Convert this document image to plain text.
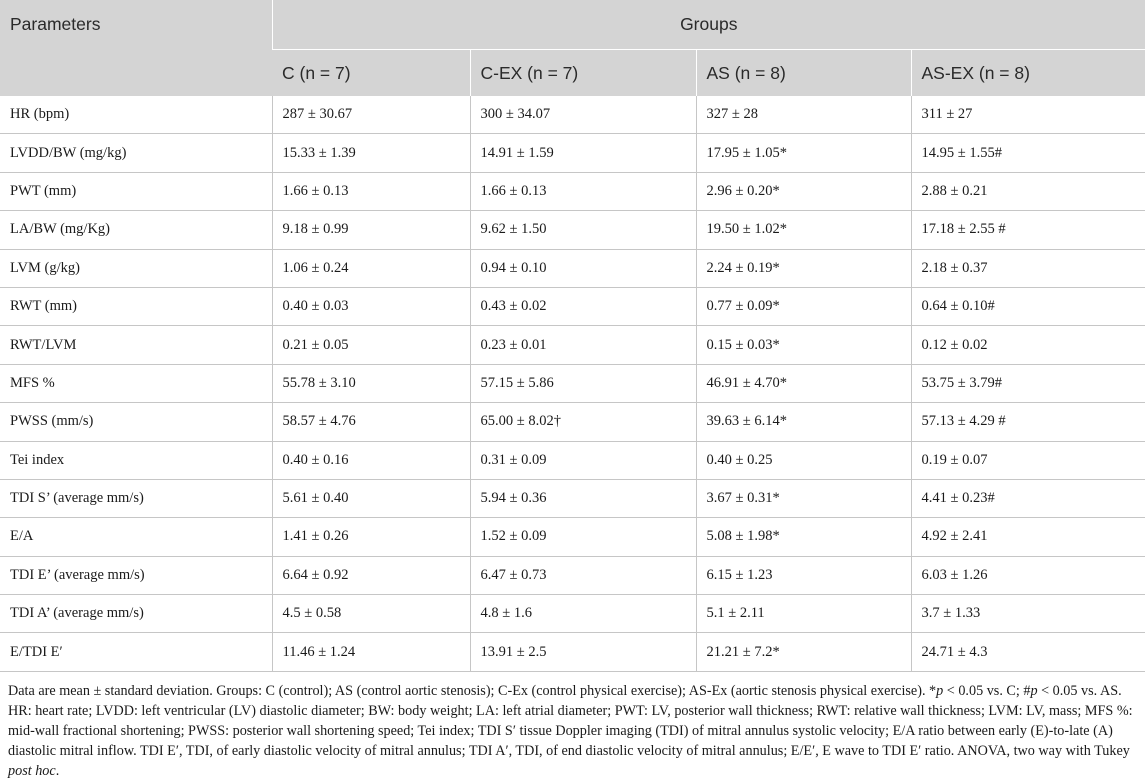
Parameters	Groups			
	C (n = 7)	C-EX (n = 7)	AS (n = 8)	AS-EX (n = 8)
HR (bpm)	287 ± 30.67	300 ± 34.07	327 ± 28	311 ± 27
LVDD/BW (mg/kg)	15.33 ± 1.39	14.91 ± 1.59	17.95 ± 1.05*	14.95 ± 1.55#
PWT (mm)	1.66 ± 0.13	1.66 ± 0.13	2.96 ± 0.20*	2.88 ± 0.21
LA/BW (mg/Kg)	9.18 ± 0.99	9.62 ± 1.50	19.50 ± 1.02*	17.18 ± 2.55 #
LVM (g/kg)	1.06 ± 0.24	0.94 ± 0.10	2.24 ± 0.19*	2.18 ± 0.37
RWT (mm)	0.40 ± 0.03	0.43 ± 0.02	0.77 ± 0.09*	0.64 ± 0.10#
RWT/LVM	0.21 ± 0.05	0.23 ± 0.01	0.15 ± 0.03*	0.12 ± 0.02
MFS %	55.78 ± 3.10	57.15 ± 5.86	46.91 ± 4.70*	53.75 ± 3.79#
PWSS (mm/s)	58.57 ± 4.76	65.00 ± 8.02†	39.63 ± 6.14*	57.13 ± 4.29 #
Tei index	0.40 ± 0.16	0.31 ± 0.09	0.40 ± 0.25	0.19 ± 0.07
TDI S’ (average mm/s)	5.61 ± 0.40	5.94 ± 0.36	3.67 ± 0.31*	4.41 ± 0.23#
E/A	1.41 ± 0.26	1.52 ± 0.09	5.08 ± 1.98*	4.92 ± 2.41
TDI E’ (average mm/s)	6.64 ± 0.92	6.47 ± 0.73	6.15 ± 1.23	6.03 ± 1.26
TDI A’ (average mm/s)	4.5 ± 0.58	4.8 ± 1.6	5.1 ± 2.11	3.7 ± 1.33
E/TDI E′	11.46 ± 1.24	13.91 ± 2.5	21.21 ± 7.2*	24.71 ± 4.3

Data are mean ± standard deviation. Groups: C (control); AS (control aortic stenosis); C-Ex (control physical exercise); AS-Ex (aortic stenosis physical exercise). *p < 0.05 vs. C; #p < 0.05 vs. AS. HR: heart rate; LVDD: left ventricular (LV) diastolic diameter; BW: body weight; LA: left atrial diameter; PWT: LV, posterior wall thickness; RWT: relative wall thickness; LVM: LV, mass; MFS %: mid-wall fractional shortening; PWSS: posterior wall shortening speed; Tei index; TDI S′ tissue Doppler imaging (TDI) of mitral annulus systolic velocity; E/A ratio between early (E)-to-late (A) diastolic mitral inflow. TDI E′, TDI, of early diastolic velocity of mitral annulus; TDI A′, TDI, of end diastolic velocity of mitral annulus; E/E′, E wave to TDI E′ ratio. ANOVA, two way with Tukey post hoc.
